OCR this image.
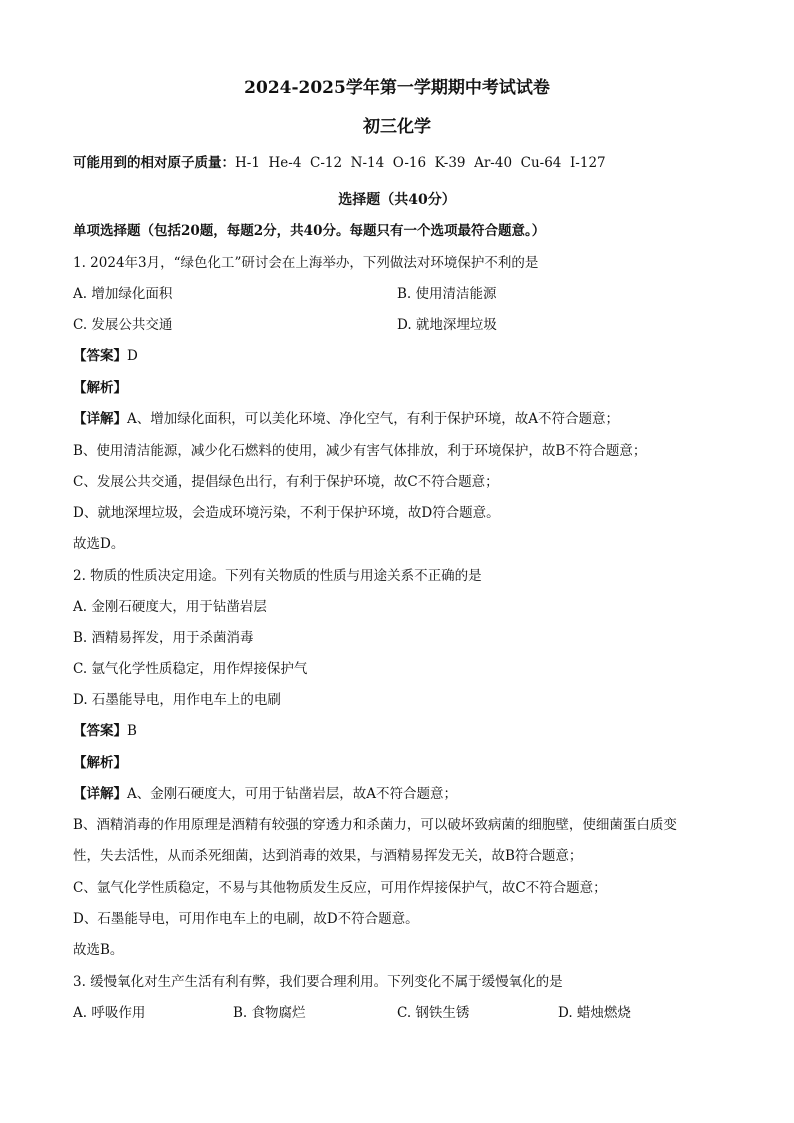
2024-2025学年第一学期期中考试试卷
初三化学
可能用到的相对原子质量：H-1  He-4  C-12  N-14  O-16  K-39  Ar-40  Cu-64  I-127
选择题（共40分）
单项选择题（包括20题，每题2分，共40分。每题只有一个选项最符合题意。）
1. 2024年3月，“绿色化工”研讨会在上海举办，下列做法对环境保护不利的是
A. 增加绿化面积	B. 使用清洁能源
C. 发展公共交通	D. 就地深埋垃圾
【答案】D
【解析】
【详解】A、增加绿化面积，可以美化环境、净化空气，有利于保护环境，故A不符合题意；
B、使用清洁能源，减少化石燃料的使用，减少有害气体排放，利于环境保护，故B不符合题意；
C、发展公共交通，提倡绿色出行，有利于保护环境，故C不符合题意；
D、就地深埋垃圾，会造成环境污染，不利于保护环境，故D符合题意。
故选D。
2. 物质的性质决定用途。下列有关物质的性质与用途关系不正确的是
A. 金刚石硬度大，用于钻凿岩层
B. 酒精易挥发，用于杀菌消毒
C. 氩气化学性质稳定，用作焊接保护气
D. 石墨能导电，用作电车上的电刷
【答案】B
【解析】
【详解】A、金刚石硬度大，可用于钻凿岩层，故A不符合题意；
B、酒精消毒的作用原理是酒精有较强的穿透力和杀菌力，可以破坏致病菌的细胞壁，使细菌蛋白质变
性，失去活性，从而杀死细菌，达到消毒的效果，与酒精易挥发无关，故B符合题意；
C、氩气化学性质稳定，不易与其他物质发生反应，可用作焊接保护气，故C不符合题意；
D、石墨能导电，可用作电车上的电刷，故D不符合题意。
故选B。
3. 缓慢氧化对生产生活有利有弊，我们要合理利用。下列变化不属于缓慢氧化的是
A. 呼吸作用	B. 食物腐烂	C. 钢铁生锈	D. 蜡烛燃烧
